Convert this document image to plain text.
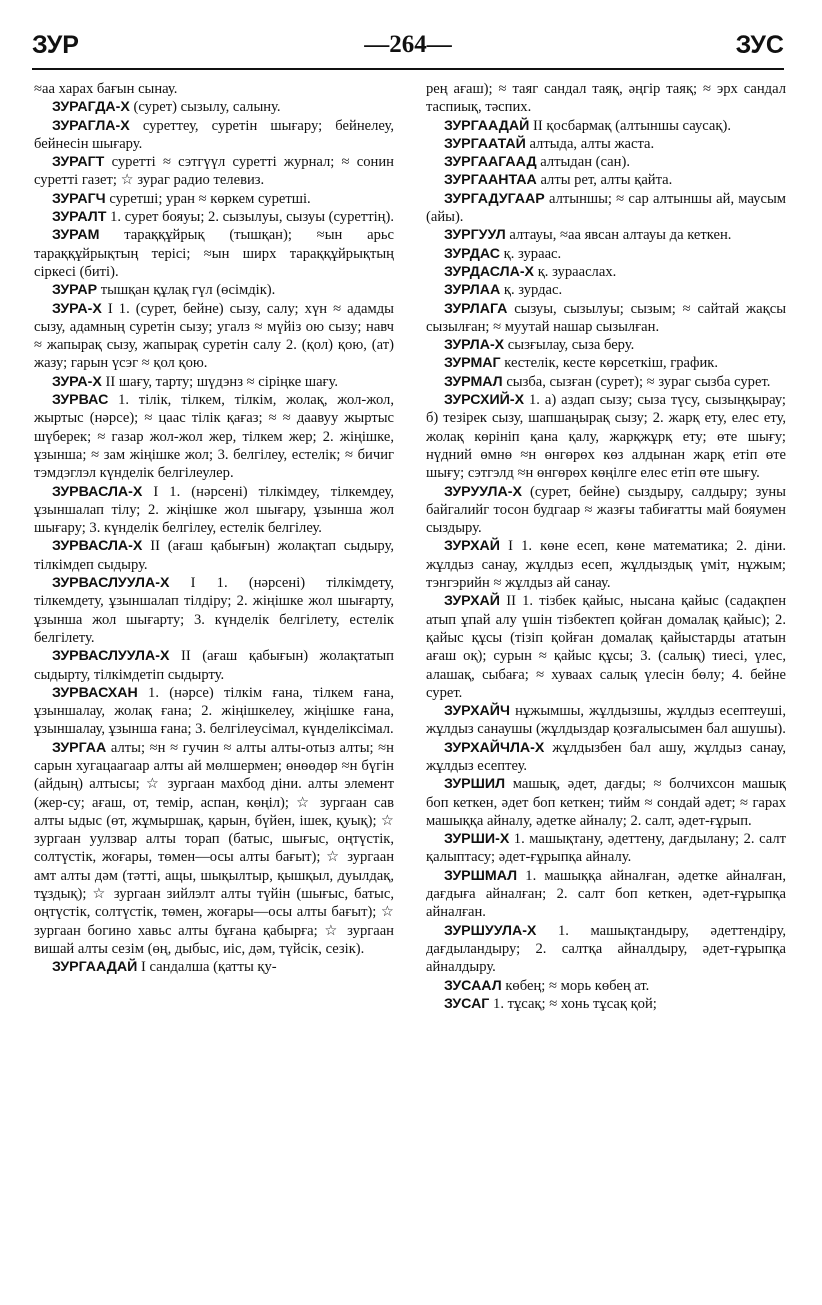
ЗУР	—264—	ЗУС

≈аа харах бағын сынау.

ЗУРАГДА-Х (сурет) сызылу, салыну.

ЗУРАГЛА-Х суреттеу, суретін шығару; бейнелеу, бейнесін шығару.

ЗУРАГТ суретті ≈ сэтгүүл суретті журнал; ≈ сонин суретті газет; ☆ зураг радио телевиз.

ЗУРАГЧ суретші; уран ≈ көркем суретші.

ЗУРАЛТ 1. сурет бояуы; 2. сызылуы, сызуы (суреттің).

ЗУРАМ тараққұйрық (тышқан); ≈ын арьс тараққұйрықтың терісі; ≈ын ширх тараққұйрықтың сіркесі (биті).

ЗУРАР тышқан құлақ гүл (өсімдік).

ЗУРА-Х I 1. (сурет, бейне) сызу, салу; хүн ≈ адамды сызу, адамның суретін сызу; угалз ≈ мүйіз ою сызу; навч ≈ жапырақ сызу, жапырақ суретін салу 2. (қол) қою, (ат) жазу; гарын үсэг ≈ қол қою.

ЗУРА-Х II шағу, тарту; шүдэнз ≈ сіріңке шағу.

ЗУРВАС 1. тілік, тілкем, тілкім, жолақ, жол-жол, жыртыс (нәрсе); ≈ цаас тілік қағаз; ≈ ≈ даавуу жыртыс шүберек; ≈ газар жол-жол жер, тілкем жер; 2. жіңішке, ұзынша; ≈ зам жіңішке жол; 3. белгілеу, естелік; ≈ бичиг тэмдэглэл күнделік белгілеулер.

ЗУРВАСЛА-Х I 1. (нәрсені) тілкімдеу, тілкемдеу, ұзыншалап тілу; 2. жіңішке жол шығару, ұзынша жол шығару; 3. күнделік белгілеу, естелік белгілеу.

ЗУРВАСЛА-Х II (ағаш қабығын) жолақтап сыдыру, тілкімдеп сыдыру.

ЗУРВАСЛУУЛА-Х I 1. (нәрсені) тілкімдету, тілкемдету, ұзыншалап тілдіру; 2. жіңішке жол шығарту, ұзынша жол шығарту; 3. күнделік белгілету, естелік белгілету.

ЗУРВАСЛУУЛА-Х II (ағаш қабығын) жолақтатып сыдырту, тілкімдетіп сыдырту.

ЗУРВАСХАН 1. (нәрсе) тілкім ғана, тілкем ғана, ұзыншалау, жолақ ғана; 2. жіңішкелеу, жіңішке ғана, ұзыншалау, ұзынша ғана; 3. белгілеусімал, күнделіксімал.

ЗУРГАА алты; ≈н ≈ гучин ≈ алты алты-отыз алты; ≈н сарын хугацаагаар алты ай мөлшермен; өнөөдөр ≈н бүгін (айдың) алтысы; ☆ зургаан махбод діни. алты элемент (жер-су; ағаш, от, темір, аспан, көңіл); ☆ зургаан сав алты ыдыс (өт, жұмыршақ, қарын, бүйен, ішек, қуық); ☆ зургаан уулзвар алты торап (батыс, шығыс, оңтүстік, солтүстік, жоғары, төмен—осы алты бағыт); ☆ зургаан амт алты дәм (тәтті, ащы, шықылтыр, қышқыл, дуылдақ, тұздық); ☆ зургаан зийлэлт алты түйін (шығыс, батыс, оңтүстік, солтүстік, төмен, жоғары—осы алты бағыт); ☆ зургаан богино хавьс алты бұғана қабырға; ☆ зургаан вишай алты сезім (өң, дыбыс, иіс, дәм, түйсік, сезік).

ЗУРГААДАЙ I сандалша (қатты қу-

рең ағаш); ≈ таяг сандал таяқ, әңгір таяқ; ≈ эрх сандал таспиық, тәспих.

ЗУРГААДАЙ II қосбармақ (алтыншы саусақ).

ЗУРГААТАЙ алтыда, алты жаста.

ЗУРГААГААД алтыдан (сан).

ЗУРГААНТАА алты рет, алты қайта.

ЗУРГАДУГААР алтыншы; ≈ сар алтыншы ай, маусым (айы).

ЗУРГУУЛ алтауы, ≈аа явсан алтауы да кеткен.

ЗУРДАС қ. зураас.

ЗУРДАСЛА-Х қ. зурааслах.

ЗУРЛАА қ. зурдас.

ЗУРЛАГА сызуы, сызылуы; сызым; ≈ сайтай жақсы сызылған; ≈ муутай нашар сызылған.

ЗУРЛА-Х сызғылау, сыза беру.

ЗУРМАГ кестелік, кесте көрсеткіш, график.

ЗУРМАЛ сызба, сызған (сурет); ≈ зураг сызба сурет.

ЗУРСХИЙ-Х 1. а) аздап сызу; сыза түсу, сызыңқырау; б) тезірек сызу, шапшаңырақ сызу; 2. жарқ ету, елес ету, жолақ көрініп қана қалу, жарқжұрқ ету; өте шығу; нүдний өмнө ≈н өнгөрөх көз алдынан жарқ етіп өте шығу; сэтгэлд ≈н өнгөрөх көңілге елес етіп өте шығу.

ЗУРУУЛА-Х (сурет, бейне) сыздыру, салдыру; зуны байгалийг тосон будгаар ≈ жазғы табиғатты май бояумен сыздыру.

ЗУРХАЙ I 1. көне есеп, көне математика; 2. діни. жұлдыз санау, жұлдыз есеп, жұлдыздық үміт, нұжым; тэнгэрийн ≈ жұлдыз ай санау.

ЗУРХАЙ II 1. тізбек қайыс, нысана қайыс (садақпен атып ұпай алу үшін тізбектеп қойған домалақ қайыс); 2. қайыс құсы (тізіп қойған домалақ қайыстарды ататын ағаш оқ); сурын ≈ қайыс құсы; 3. (салық) тиесі, үлес, алашақ, сыбаға; ≈ хуваах салық үлесін бөлу; 4. бейне сурет.

ЗУРХАЙЧ нұжымшы, жұлдызшы, жұлдыз есептеуші, жұлдыз санаушы (жұлдыздар қозғалысымен бал ашушы).

ЗУРХАЙЧЛА-Х жұлдызбен бал ашу, жұлдыз санау, жұлдыз есептеу.

ЗУРШИЛ машық, әдет, дағды; ≈ болчихсон машық боп кеткен, әдет боп кеткен; тийм ≈ сондай әдет; ≈ гарах машыққа айналу, әдетке айналу; 2. салт, әдет-ғұрып.

ЗУРШИ-Х 1. машықтану, әдеттену, дағдылану; 2. салт қалыптасу; әдет-ғұрыпқа айналу.

ЗУРШМАЛ 1. машыққа айналған, әдетке айналған, дағдыға айналған; 2. салт боп кеткен, әдет-ғұрыпқа айналған.

ЗУРШУУЛА-Х 1. машықтандыру, әдеттендіру, дағдыландыру; 2. салтқа айналдыру, әдет-ғұрыпқа айналдыру.

ЗУСААЛ көбең; ≈ морь көбең ат.

ЗУСАГ 1. тұсақ; ≈ хонь тұсақ қой;
